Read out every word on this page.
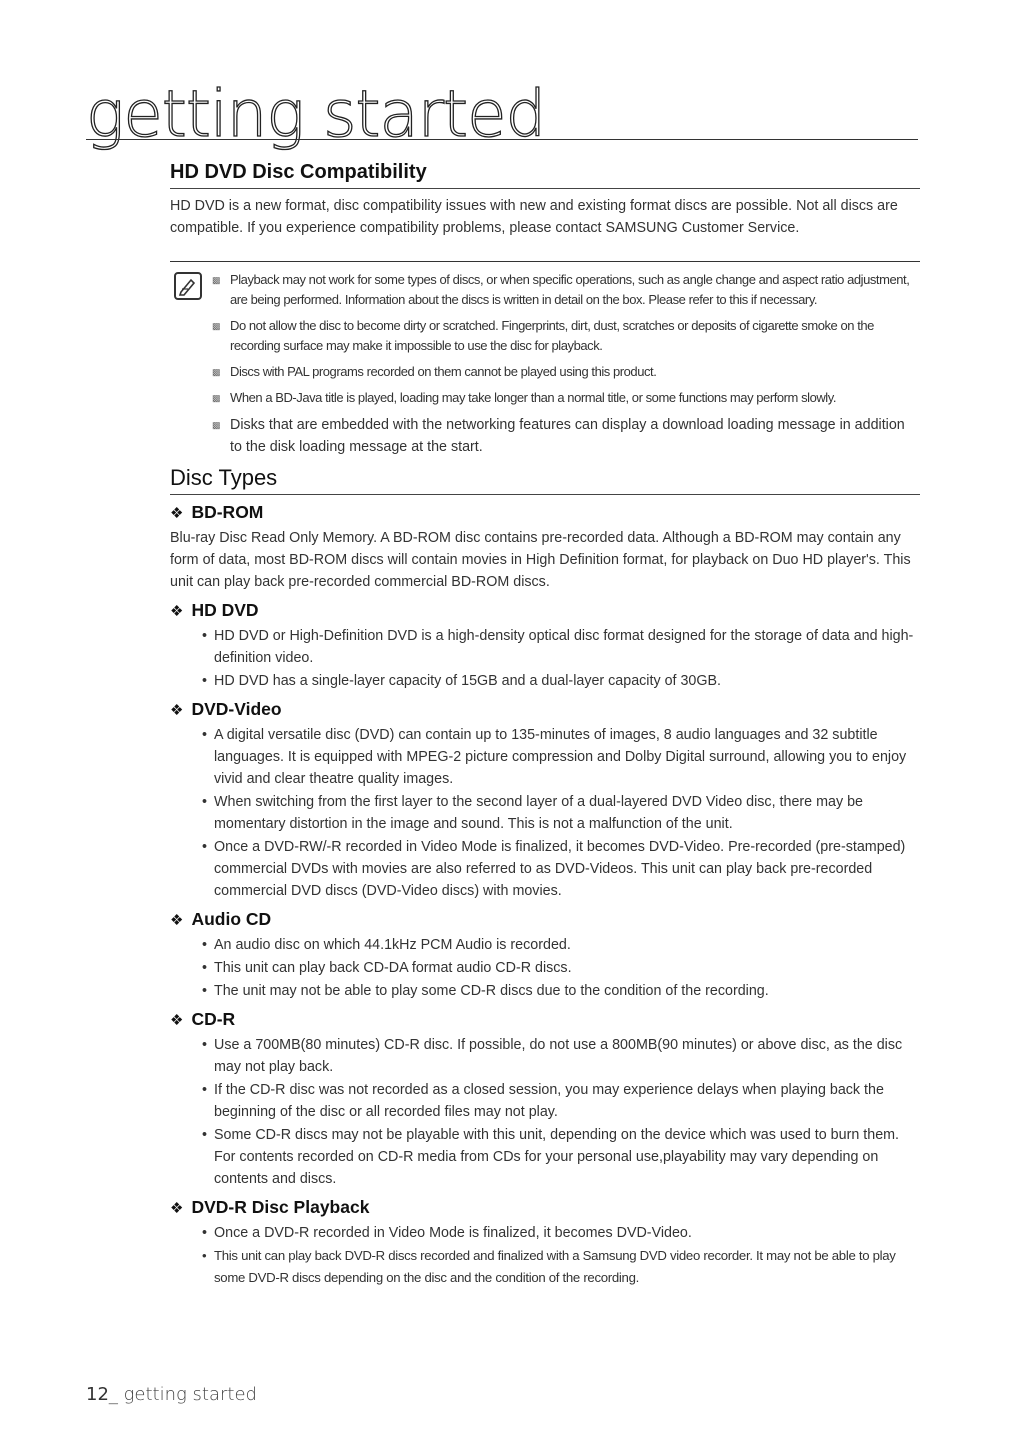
getting started
HD DVD Disc Compatibility

HD DVD is a new format, disc compatibility issues with new and existing format discs are possible. Not all discs are compatible. If you experience compatibility problems, please contact SAMSUNG Customer Service.

▩ Playback may not work for some types of discs, or when specific operations, such as angle change and aspect ratio adjustment, are being performed. Information about the discs is written in detail on the box. Please refer to this if necessary.
▩ Do not allow the disc to become dirty or scratched. Fingerprints, dirt, dust, scratches or deposits of cigarette smoke on the recording surface may make it impossible to use the disc for playback.
▩ Discs with PAL programs recorded on them cannot be played using this product.
▩ When a BD-Java title is played, loading may take longer than a normal title, or some functions may perform slowly.
▩ Disks that are embedded with the networking features can display a download loading message in addition to the disk loading message at the start.
Disc Types
❖ BD-ROM

Blu-ray Disc Read Only Memory. A BD-ROM disc contains pre-recorded data. Although a BD-ROM may contain any form of data, most BD-ROM discs will contain movies in High Definition format, for playback on Duo HD player's. This unit can play back pre-recorded commercial BD-ROM discs.

❖ HD DVD
• HD DVD or High-Definition DVD is a high-density optical disc format designed for the storage of data and high-definition video.
• HD DVD has a single-layer capacity of 15GB and a dual-layer capacity of 30GB.
❖ DVD-Video
• A digital versatile disc (DVD) can contain up to 135-minutes of images, 8 audio languages and 32 subtitle languages. It is equipped with MPEG-2 picture compression and Dolby Digital surround, allowing you to enjoy vivid and clear theatre quality images.
• When switching from the first layer to the second layer of a dual-layered DVD Video disc, there may be momentary distortion in the image and sound. This is not a malfunction of the unit.
• Once a DVD-RW/-R recorded in Video Mode is finalized, it becomes DVD-Video. Pre-recorded (pre-stamped) commercial DVDs with movies are also referred to as DVD-Videos. This unit can play back pre-recorded commercial DVD discs (DVD-Video discs) with movies.
❖ Audio CD
• An audio disc on which 44.1kHz PCM Audio is recorded.
• This unit can play back CD-DA format audio CD-R discs.
• The unit may not be able to play some CD-R discs due to the condition of the recording.
❖ CD-R
• Use a 700MB(80 minutes) CD-R disc. If possible, do not use a 800MB(90 minutes) or above disc, as the disc may not play back.
• If the CD-R disc was not recorded as a closed session, you may experience delays when playing back the beginning of the disc or all recorded files may not play.
• Some CD-R discs may not be playable with this unit, depending on the device which was used to burn them. For contents recorded on CD-R media from CDs for your personal use,playability may vary depending on contents and discs.
❖ DVD-R Disc Playback
• Once a DVD-R recorded in Video Mode is finalized, it becomes DVD-Video.
• This unit can play back DVD-R discs recorded and finalized with a Samsung DVD video recorder. It may not be able to play some DVD-R discs depending on the disc and the condition of the recording.
12_ getting started
